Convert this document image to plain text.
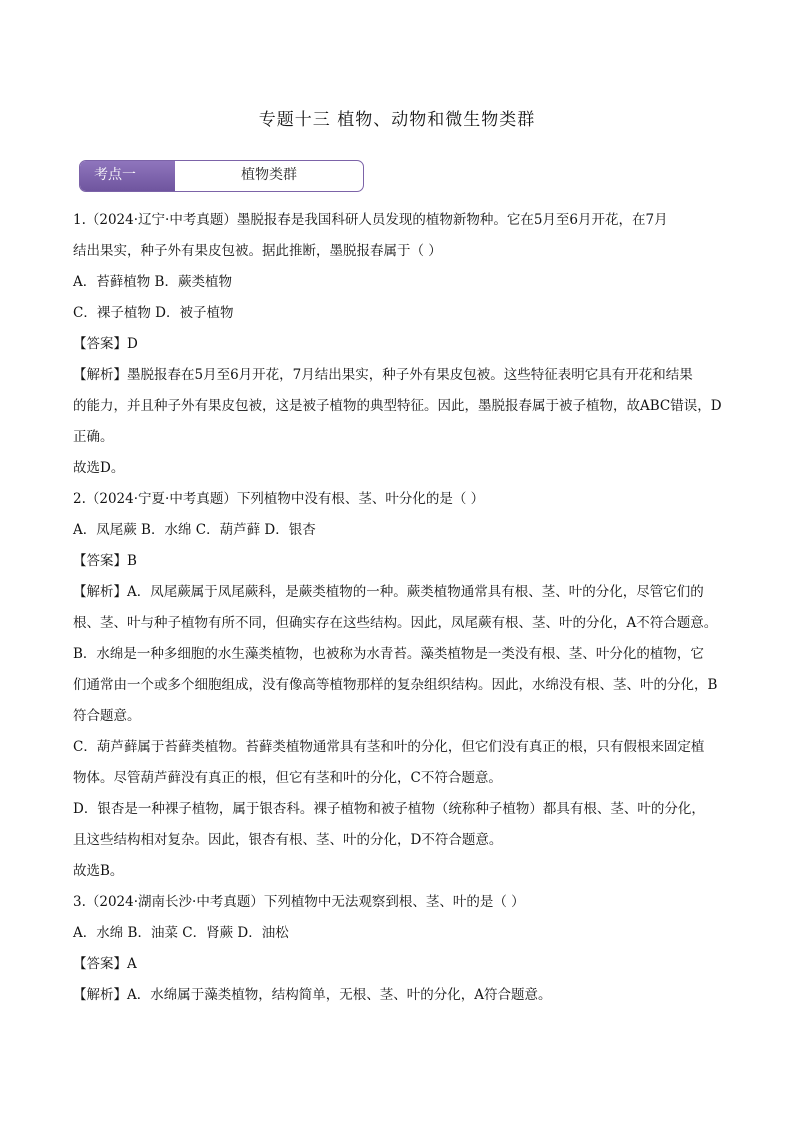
专题十三 植物、动物和微生物类群
考点一	植物类群

1.（2024·辽宁·中考真题）墨脱报春是我国科研人员发现的植物新物种。它在5月至6月开花，在7月

结出果实，种子外有果皮包被。据此推断，墨脱报春属于（ ）

A．苔藓植物 B．蕨类植物

C．裸子植物 D．被子植物

【答案】D

【解析】墨脱报春在5月至6月开花，7月结出果实，种子外有果皮包被。这些特征表明它具有开花和结果

的能力，并且种子外有果皮包被，这是被子植物的典型特征。因此，墨脱报春属于被子植物，故ABC错误，D

正确。

故选D。

2.（2024·宁夏·中考真题）下列植物中没有根、茎、叶分化的是（ ）

A．凤尾蕨 B．水绵 C．葫芦藓 D．银杏

【答案】B

【解析】A．凤尾蕨属于凤尾蕨科，是蕨类植物的一种。蕨类植物通常具有根、茎、叶的分化，尽管它们的

根、茎、叶与种子植物有所不同，但确实存在这些结构。因此，凤尾蕨有根、茎、叶的分化，A不符合题意。

B．水绵是一种多细胞的水生藻类植物，也被称为水青苔。藻类植物是一类没有根、茎、叶分化的植物，它

们通常由一个或多个细胞组成，没有像高等植物那样的复杂组织结构。因此，水绵没有根、茎、叶的分化，B

符合题意。

C．葫芦藓属于苔藓类植物。苔藓类植物通常具有茎和叶的分化，但它们没有真正的根，只有假根来固定植

物体。尽管葫芦藓没有真正的根，但它有茎和叶的分化，C不符合题意。

D．银杏是一种裸子植物，属于银杏科。裸子植物和被子植物（统称种子植物）都具有根、茎、叶的分化，

且这些结构相对复杂。因此，银杏有根、茎、叶的分化，D不符合题意。

故选B。

3.（2024·湖南长沙·中考真题）下列植物中无法观察到根、茎、叶的是（ ）

A．水绵 B．油菜 C．肾蕨 D．油松

【答案】A

【解析】A．水绵属于藻类植物，结构简单，无根、茎、叶的分化，A符合题意。
